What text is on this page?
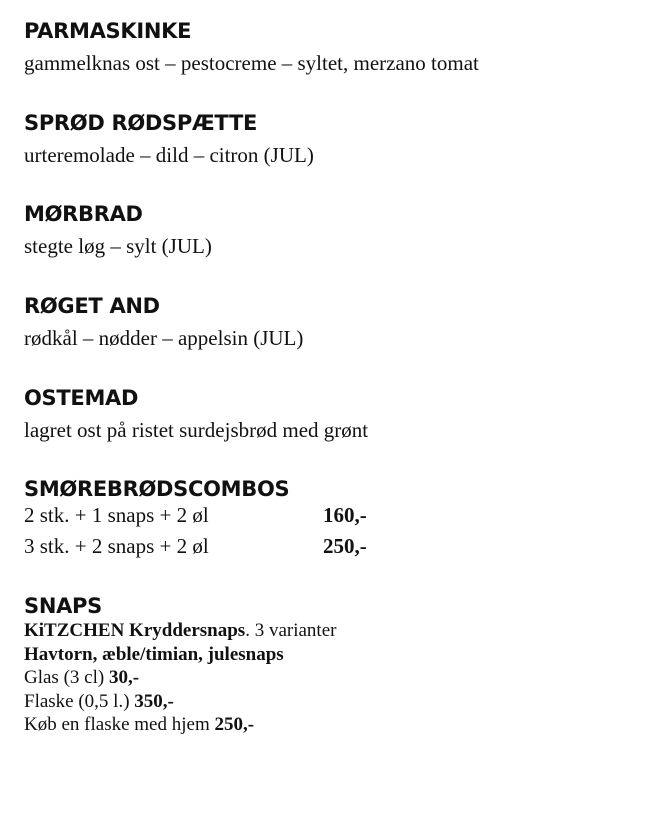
PARMASKINKE
gammelknas ost – pestocreme – syltet, merzano tomat
SPRØD RØDSPÆTTE
urteremolade – dild – citron (JUL)
MØRBRAD
stegte løg – sylt (JUL)
RØGET AND
rødkål – nødder – appelsin (JUL)
OSTEMAD
lagret ost på ristet surdejsbrød med grønt
SMØREBRØDSCOMBOS
2 stk. + 1 snaps + 2 øl	160,-
3 stk. + 2 snaps + 2 øl	250,-
SNAPS
KiTZCHEN Kryddersnaps. 3 varianter
Havtorn, æble/timian, julesnaps
Glas (3 cl) 30,-
Flaske (0,5 l.) 350,-
Køb en flaske med hjem 250,-
